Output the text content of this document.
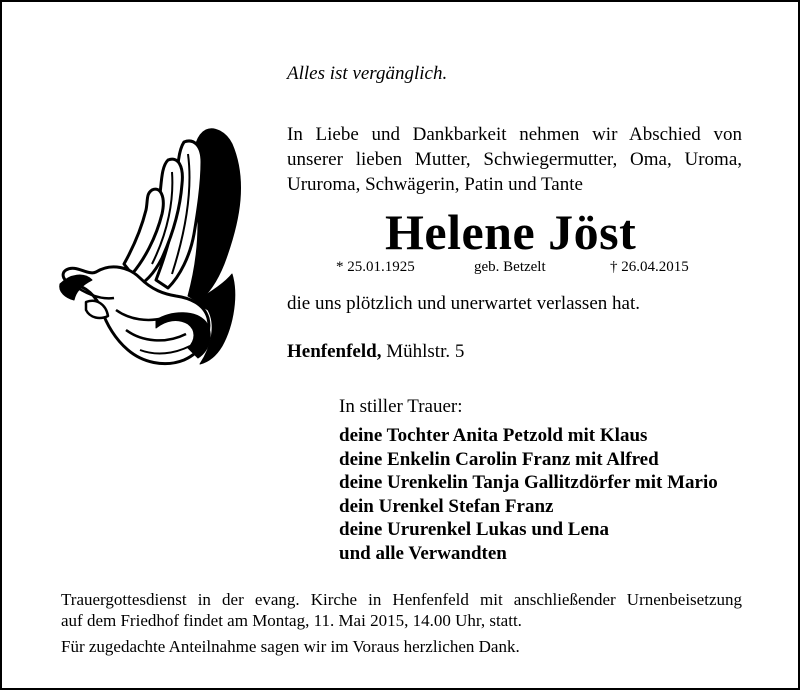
Alles ist vergänglich.
In Liebe und Dankbarkeit nehmen wir Abschied von
unserer lieben Mutter, Schwiegermutter, Oma, Uroma,
Ururoma, Schwägerin, Patin und Tante
Helene Jöst
* 25.01.1925	geb. Betzelt	† 26.04.2015
die uns plötzlich und unerwartet verlassen hat.
Henfenfeld, Mühlstr. 5
In stiller Trauer:
deine Tochter Anita Petzold mit Klaus
deine Enkelin Carolin Franz mit Alfred
deine Urenkelin Tanja Gallitzdörfer mit Mario
dein Urenkel Stefan Franz
deine Ururenkel Lukas und Lena
und alle Verwandten
Trauergottesdienst in der evang. Kirche in Henfenfeld mit anschließender Urnenbeisetzung
auf dem Friedhof findet am Montag, 11. Mai 2015, 14.00 Uhr, statt.
Für zugedachte Anteilnahme sagen wir im Voraus herzlichen Dank.
